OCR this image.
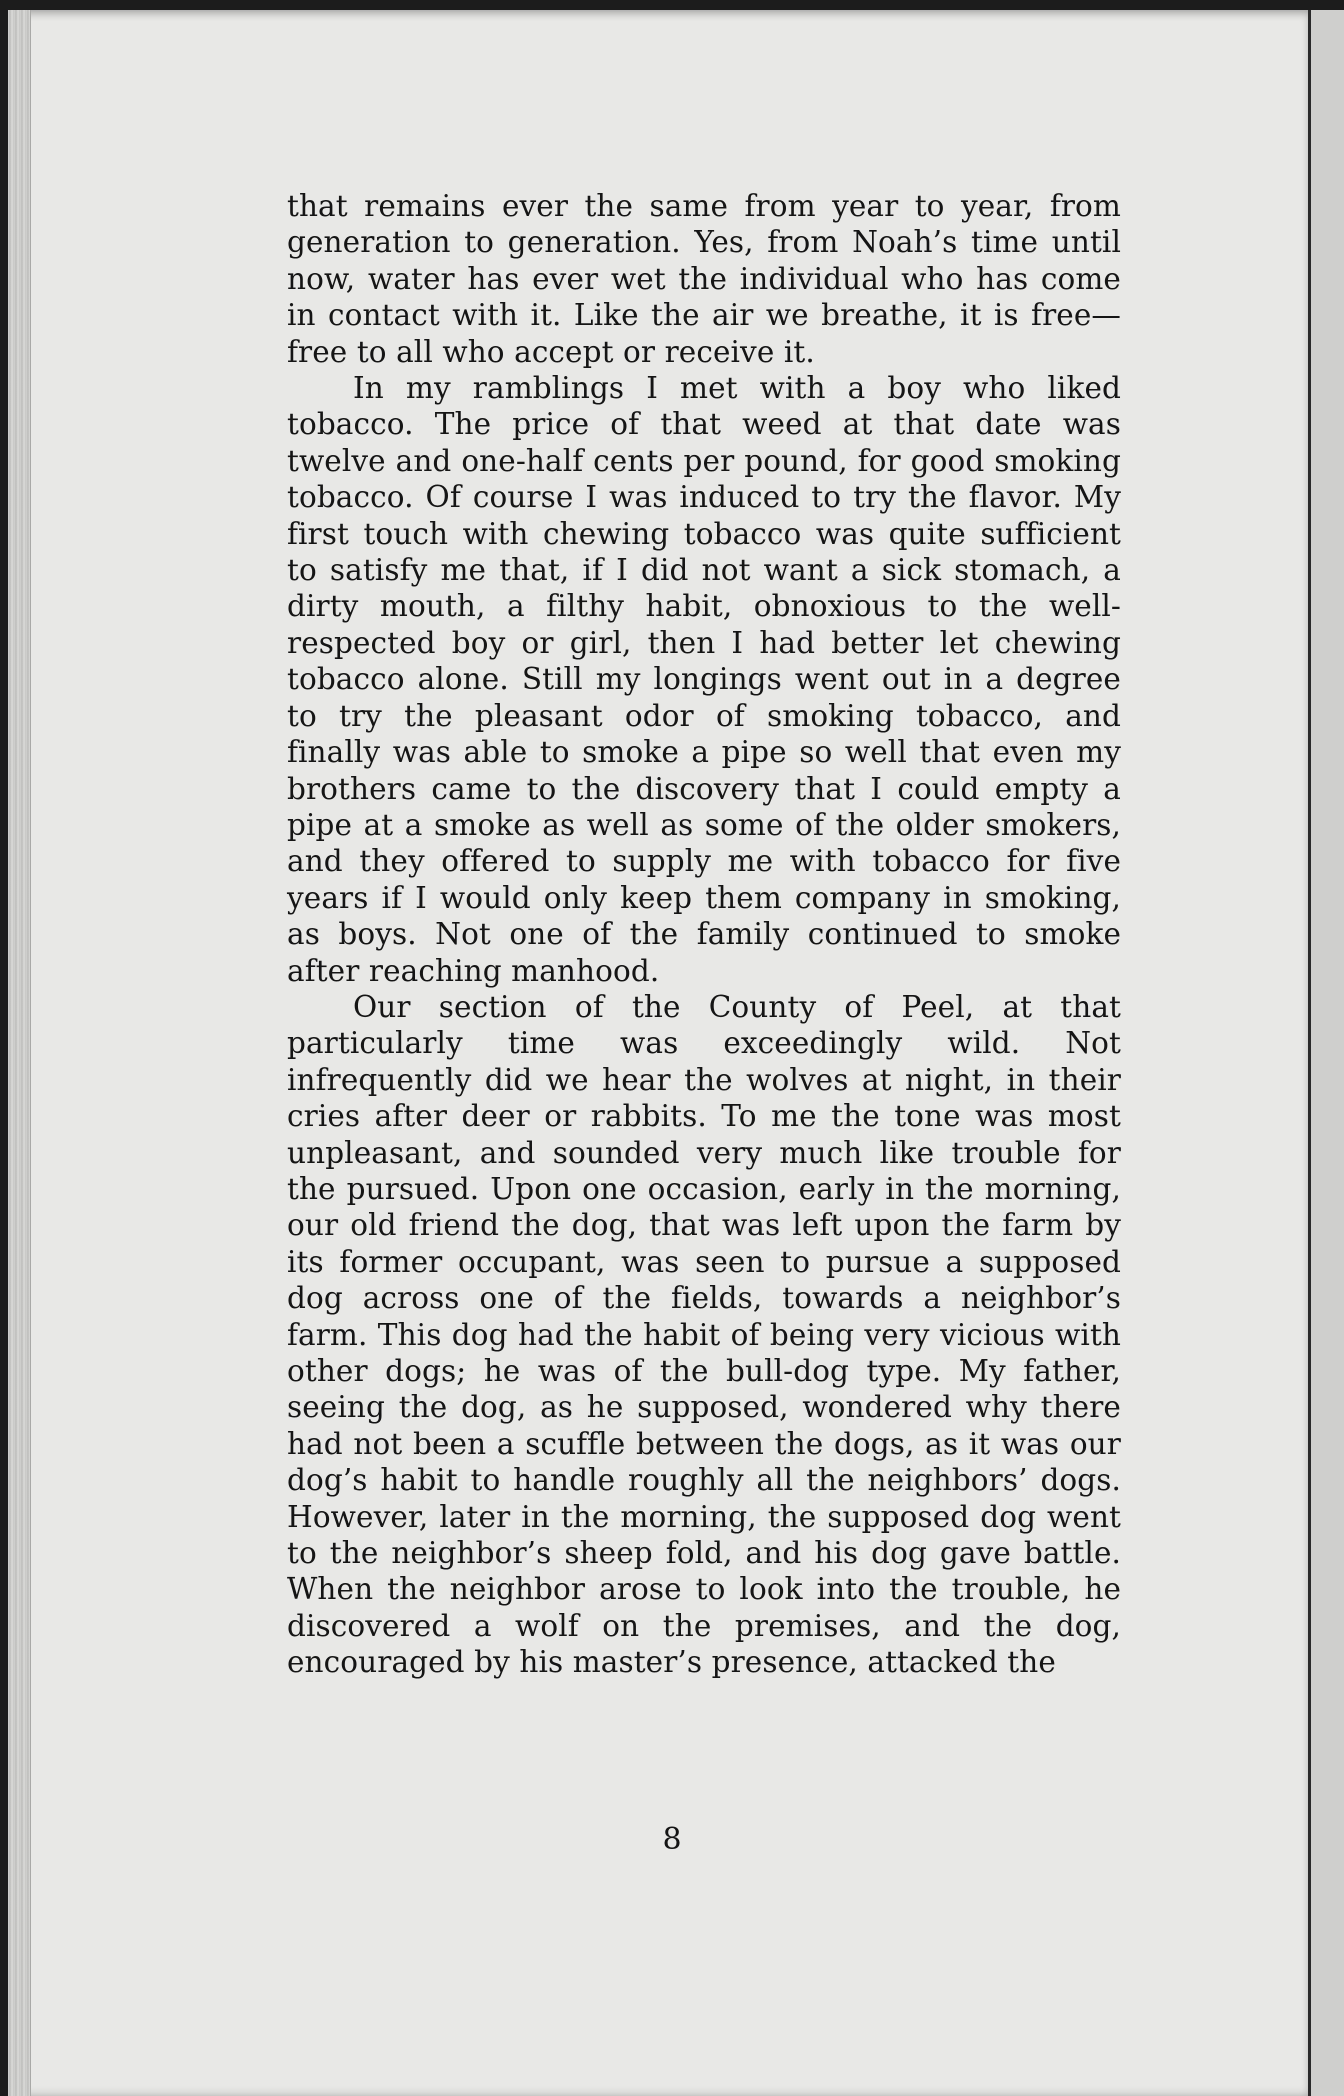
that remains ever the same from year to year, from generation to generation. Yes, from Noah’s time until now, water has ever wet the individual who has come in contact with it. Like the air we breathe, it is free—free to all who accept or receive it.

In my ramblings I met with a boy who liked tobacco. The price of that weed at that date was twelve and one-half cents per pound, for good smoking tobacco. Of course I was induced to try the flavor. My first touch with chewing tobacco was quite sufficient to satisfy me that, if I did not want a sick stomach, a dirty mouth, a filthy habit, obnoxious to the well-respected boy or girl, then I had better let chewing tobacco alone. Still my longings went out in a degree to try the pleasant odor of smoking tobacco, and finally was able to smoke a pipe so well that even my brothers came to the discovery that I could empty a pipe at a smoke as well as some of the older smokers, and they offered to supply me with tobacco for five years if I would only keep them company in smoking, as boys. Not one of the family continued to smoke after reaching manhood.

Our section of the County of Peel, at that particularly time was exceedingly wild. Not infrequently did we hear the wolves at night, in their cries after deer or rabbits. To me the tone was most unpleasant, and sounded very much like trouble for the pursued. Upon one occasion, early in the morning, our old friend the dog, that was left upon the farm by its former occupant, was seen to pursue a supposed dog across one of the fields, towards a neighbor’s farm. This dog had the habit of being very vicious with other dogs; he was of the bull-dog type. My father, seeing the dog, as he supposed, wondered why there had not been a scuffle between the dogs, as it was our dog’s habit to handle roughly all the neighbors’ dogs. However, later in the morning, the supposed dog went to the neighbor’s sheep fold, and his dog gave battle. When the neighbor arose to look into the trouble, he discovered a wolf on the premises, and the dog, encouraged by his master’s presence, attacked the

8
